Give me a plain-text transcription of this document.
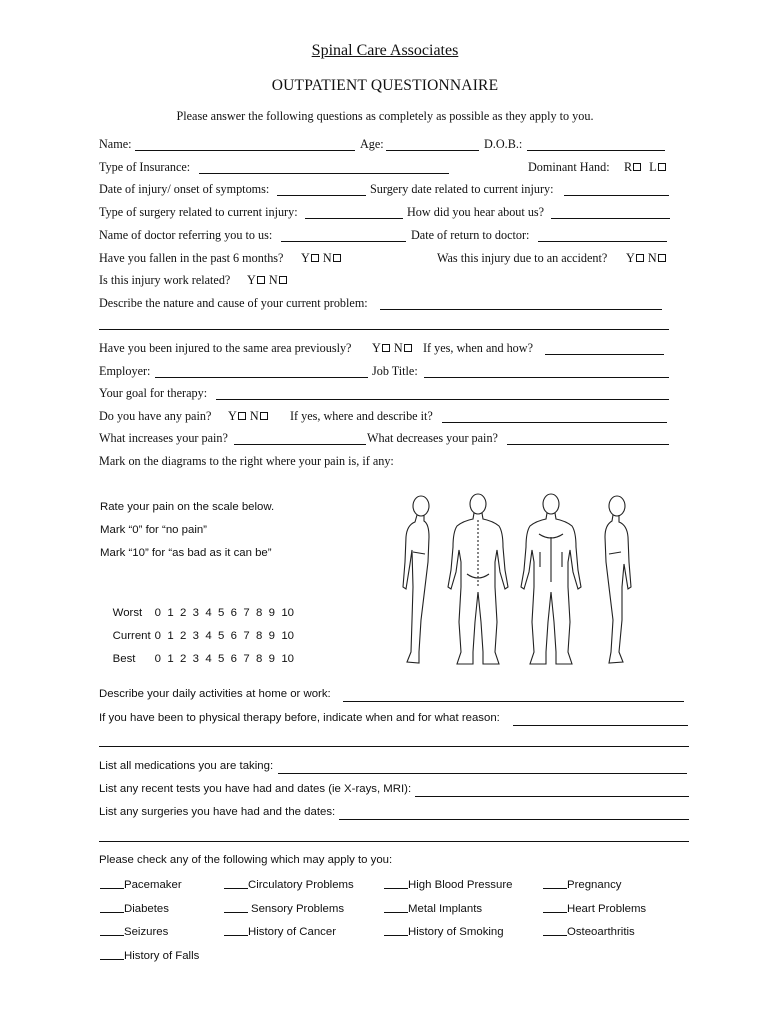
Spinal Care Associates
OUTPATIENT QUESTIONNAIRE
Please answer the following questions as completely as possible as they apply to you.
Name:	Age:	D.O.B.:
Type of Insurance:	Dominant Hand: R L
Date of injury/ onset of symptoms:	Surgery date related to current injury:
Type of surgery related to current injury:	How did you hear about us?
Name of doctor referring you to us:	Date of return to doctor:
Have you fallen in the past 6 months? Y N	Was this injury due to an accident? Y N
Is this injury work related? Y N
Describe the nature and cause of your current problem:
Have you been injured to the same area previously? Y N	If yes, when and how?
Employer:	Job Title:
Your goal for therapy:
Do you have any pain? Y N	If yes, where and describe it?
What increases your pain?	What decreases your pain?
Mark on the diagrams to the right where your pain is, if any:
Rate your pain on the scale below.
Mark “0” for “no pain”
Mark “10” for “as bad as it can be”

Worst 0  1  2  3  4  5  6  7  8  9  10

Current 0  1  2  3  4  5  6  7  8  9  10

Best 0  1  2  3  4  5  6  7  8  9  10

Describe your daily activities at home or work:
If you have been to physical therapy before, indicate when and for what reason:
List all medications you are taking:
List any recent tests you have had and dates (ie X-rays, MRI):
List any surgeries you have had and the dates:
Please check any of the following which may apply to you:
Pacemaker	Circulatory Problems	High Blood Pressure	Pregnancy
Diabetes	Sensory Problems	Metal Implants	Heart Problems
Seizures	History of Cancer	History of Smoking	Osteoarthritis
History of Falls
